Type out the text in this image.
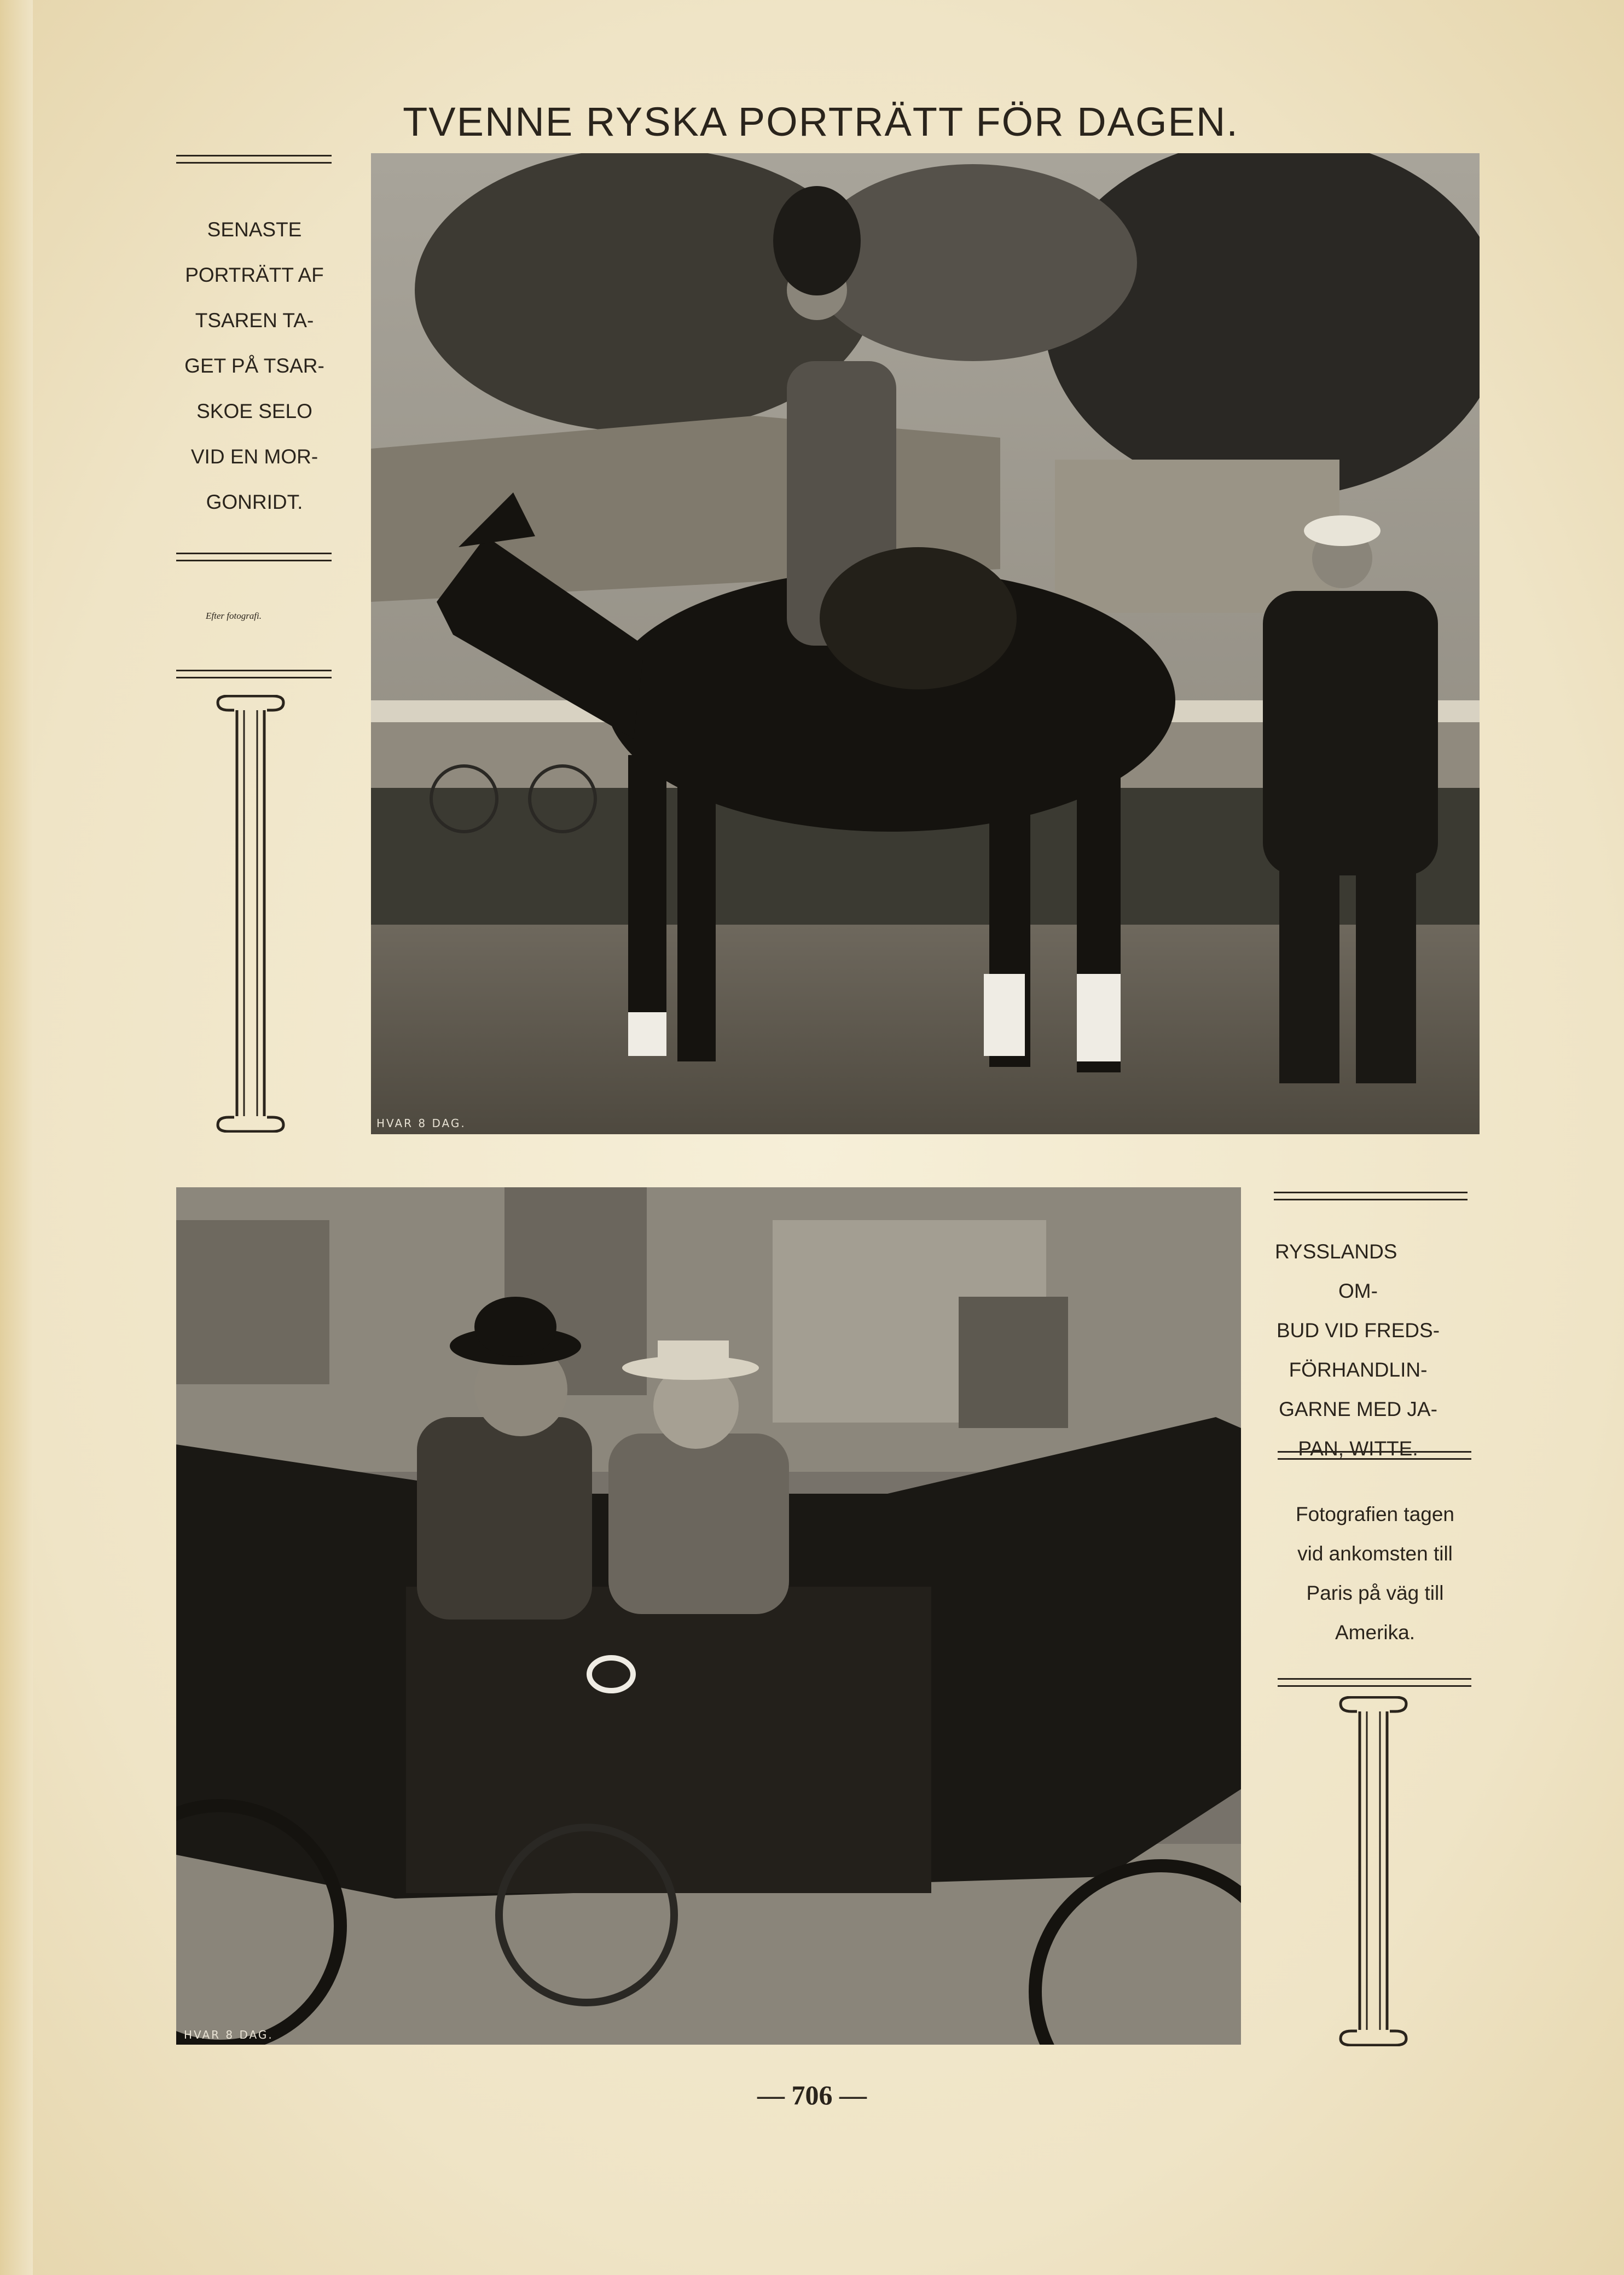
TVENNE RYSKA PORTRÄTT FÖR DAGEN.
HVAR 8 DAG.
SENASTE
PORTRÄTT AF
TSAREN TA-
GET PÅ TSAR-
SKOE SELO
VID EN MOR-
GONRIDT.
Efter fotografi.
HVAR 8 DAG.
RYSSLANDS OM-
BUD VID FREDS-
FÖRHANDLIN-
GARNE MED JA-
PAN, WITTE.
Fotografien tagen
vid ankomsten till
Paris på väg till
Amerika.
— 706 —
